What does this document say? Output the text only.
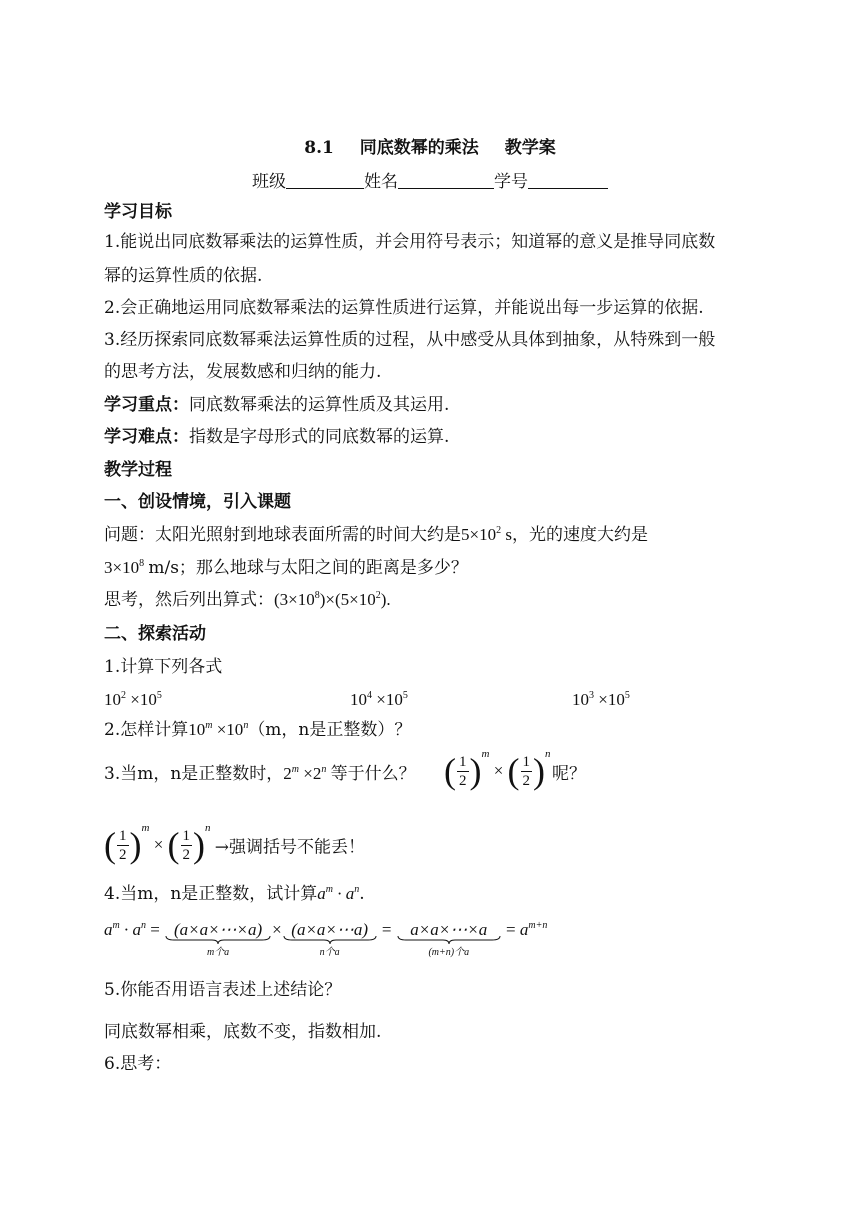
8.1 同底数幂的乘法 教学案
班级	姓名	学号
学习目标
1.能说出同底数幂乘法的运算性质，并会用符号表示；知道幂的意义是推导同底数
幂的运算性质的依据.
2.会正确地运用同底数幂乘法的运算性质进行运算，并能说出每一步运算的依据.
3.经历探索同底数幂乘法运算性质的过程，从中感受从具体到抽象，从特殊到一般
的思考方法，发展数感和归纳的能力.
学习重点：同底数幂乘法的运算性质及其运用.
学习难点：指数是字母形式的同底数幂的运算.
教学过程
一、创设情境，引入课题
问题：太阳光照射到地球表面所需的时间大约是$5\times 10^2$ s，光的速度大约是
$3\times 10^8$ m/s；那么地球与太阳之间的距离是多少？
思考，然后列出算式：$(3\times 10^8)\times(5\times 10^2)$.
二、探索活动
1.计算下列各式
$10^2 \times 10^5$	$10^4 \times 10^5$	$10^3 \times 10^5$
2.怎样计算$10^m \times 10^n(m$，n是正整数）？
3.当m，n是正整数时，$2^m \times 2^n$ 等于什么？ ( $\frac{1}{2} )^m$ × ( $\frac{1}{2} )^n$
呢？
( $\frac{1}{2} )^m$ × ( $\frac{1}{2} )^n$ →强调括号不能丢！
4.当m，n是正整数，试计算$a^m \cdot a^n$.
$a^m \cdot a^n$ = (a×a×⋯×a)
m个a
× (a×a×⋯a)
n个a
= a×a×⋯×a
(m+n)个a
= $a^{m+n}$
5.你能否用语言表述上述结论？
同底数幂相乘，底数不变，指数相加.
6.思考：
